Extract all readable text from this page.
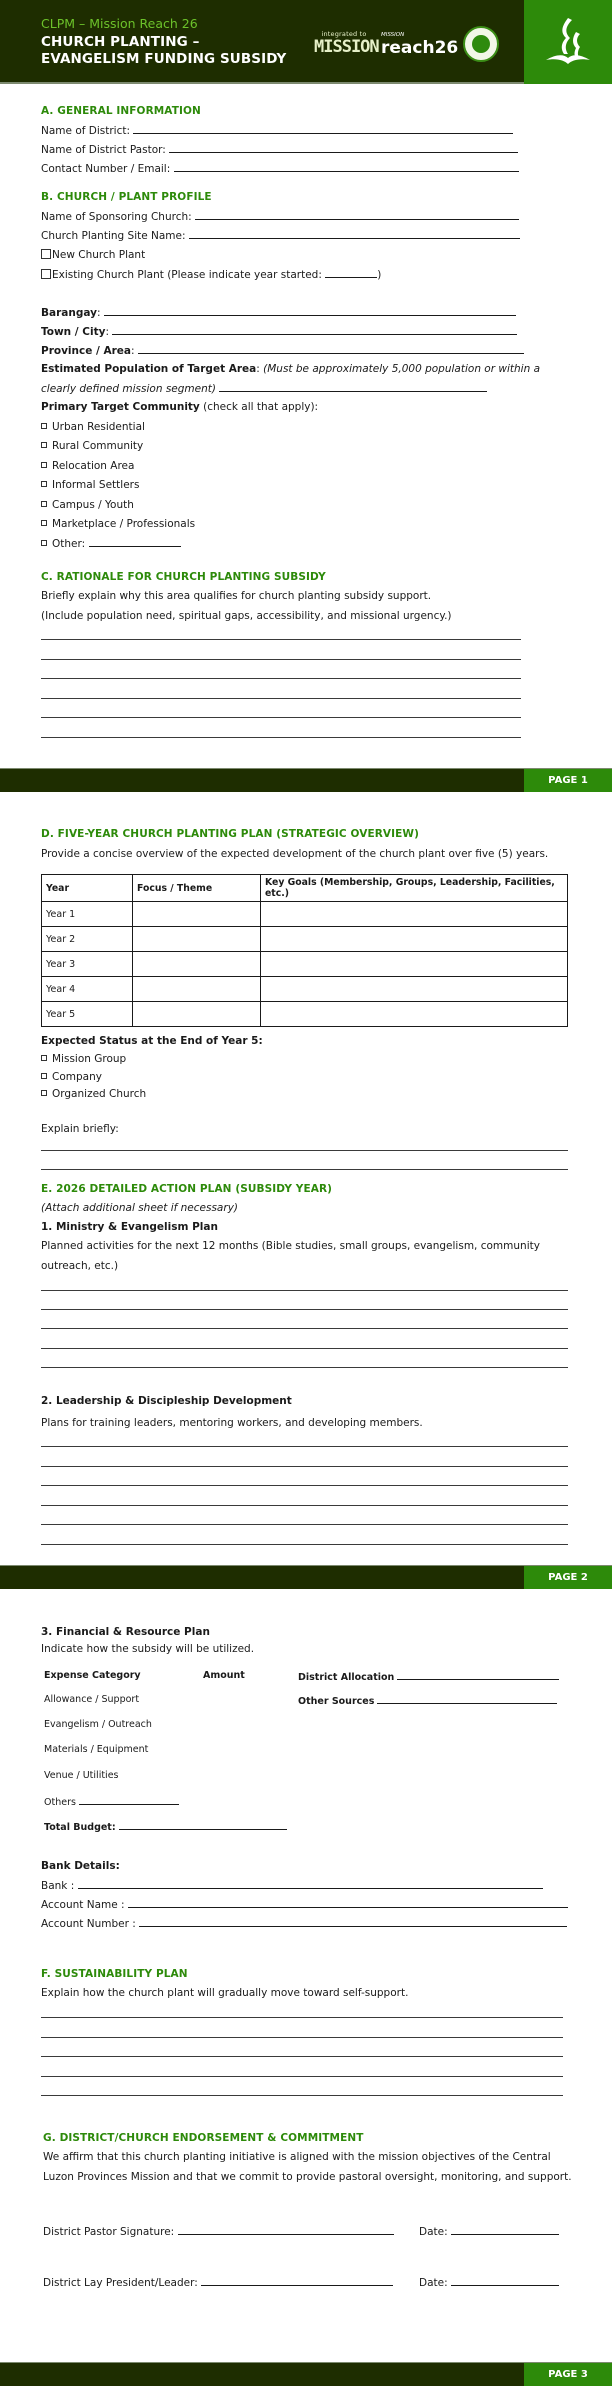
CLPM – Mission Reach 26
CHURCH PLANTING –
EVANGELISM FUNDING SUBSIDY
integrated to
MISSION
MISSION
reach26
A. GENERAL INFORMATION
Name of District:
Name of District Pastor:
Contact Number / Email:
B. CHURCH / PLANT PROFILE
Name of Sponsoring Church:
Church Planting Site Name:
New Church Plant
Existing Church Plant (Please indicate year started:	)
Barangay:
Town / City:
Province / Area:
Estimated Population of Target Area: (Must be approximately 5,000 population or within a
clearly defined mission segment)
Primary Target Community (check all that apply):
Urban Residential
Rural Community
Relocation Area
Informal Settlers
Campus / Youth
Marketplace / Professionals
Other:
C. RATIONALE FOR CHURCH PLANTING SUBSIDY
Briefly explain why this area qualifies for church planting subsidy support.
(Include population need, spiritual gaps, accessibility, and missional urgency.)
PAGE 1
D. FIVE-YEAR CHURCH PLANTING PLAN (STRATEGIC OVERVIEW)
Provide a concise overview of the expected development of the church plant over five (5) years.
Year	Focus / Theme	Key Goals (Membership, Groups, Leadership, Facilities, etc.)
Year 1		
Year 2		
Year 3		
Year 4		
Year 5		
Expected Status at the End of Year 5:
Mission Group
Company
Organized Church
Explain briefly:
E. 2026 DETAILED ACTION PLAN (SUBSIDY YEAR)
(Attach additional sheet if necessary)
1. Ministry & Evangelism Plan
Planned activities for the next 12 months (Bible studies, small groups, evangelism, community
outreach, etc.)
2. Leadership & Discipleship Development
Plans for training leaders, mentoring workers, and developing members.
PAGE 2
3. Financial & Resource Plan
Indicate how the subsidy will be utilized.
Expense Category	Amount	District Allocation
Other Sources
Allowance / Support
Evangelism / Outreach
Materials / Equipment
Venue / Utilities
Others
Total Budget:
Bank Details:
Bank :
Account Name :
Account Number :
F. SUSTAINABILITY PLAN
Explain how the church plant will gradually move toward self-support.
G. DISTRICT/CHURCH ENDORSEMENT & COMMITMENT
We affirm that this church planting initiative is aligned with the mission objectives of the Central
Luzon Provinces Mission and that we commit to provide pastoral oversight, monitoring, and support.
District Pastor Signature:	Date:
District Lay President/Leader:	Date:
PAGE 3
